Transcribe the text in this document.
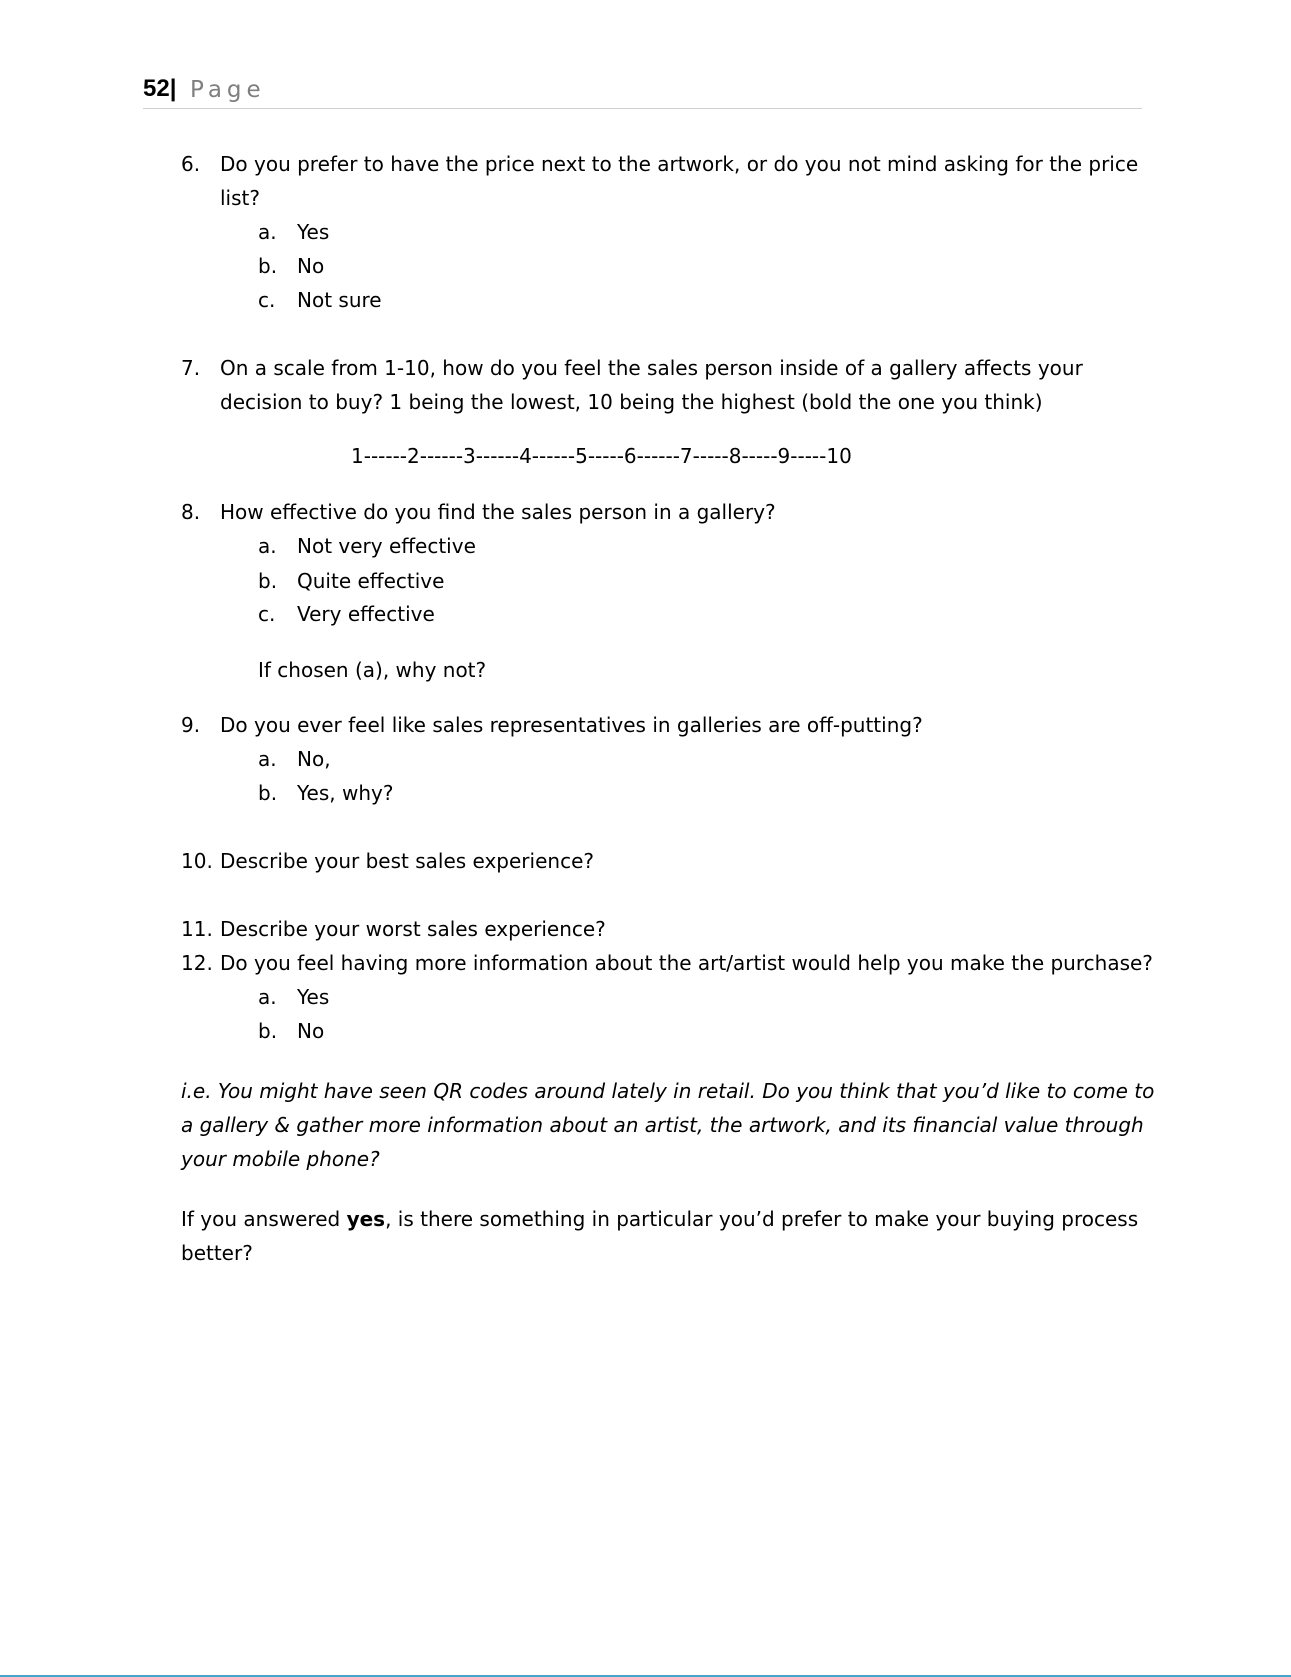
52| Page
6. Do you prefer to have the price next to the artwork, or do you not mind asking for the price
list?
a. Yes
b. No
c. Not sure
7. On a scale from 1-10, how do you feel the sales person inside of a gallery affects your
decision to buy? 1 being the lowest, 10 being the highest (bold the one you think)
1------2------3------4------5-----6------7-----8-----9-----10
8. How effective do you find the sales person in a gallery?
a. Not very effective
b. Quite effective
c. Very effective
If chosen (a), why not?
9. Do you ever feel like sales representatives in galleries are off-putting?
a. No,
b. Yes, why?
10. Describe your best sales experience?
11. Describe your worst sales experience?
12. Do you feel having more information about the art/artist would help you make the purchase?
a. Yes
b. No
i.e. You might have seen QR codes around lately in retail. Do you think that you’d like to come to
a gallery & gather more information about an artist, the artwork, and its financial value through
your mobile phone?
If you answered yes, is there something in particular you’d prefer to make your buying process
better?
